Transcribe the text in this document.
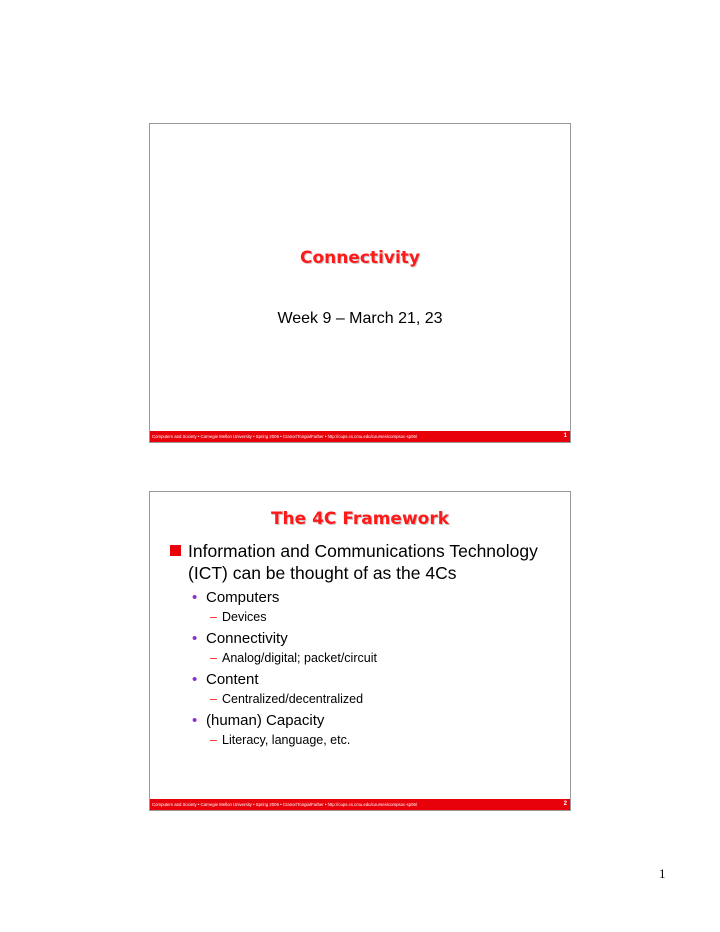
Connectivity
Week 9 – March 21, 23
Computers and Society • Carnegie Mellon University • Spring 2006 • Cranor/Tongia/Farber • http://cups.cs.cmu.edu/courses/compsoc-sp06/	1
The 4C Framework
Information and Communications Technology (ICT) can be thought of as the 4Cs
• Computers
– Devices
• Connectivity
– Analog/digital; packet/circuit
• Content
– Centralized/decentralized
• (human) Capacity
– Literacy, language, etc.
Computers and Society • Carnegie Mellon University • Spring 2006 • Cranor/Tongia/Farber • http://cups.cs.cmu.edu/courses/compsoc-sp06/	2
1
